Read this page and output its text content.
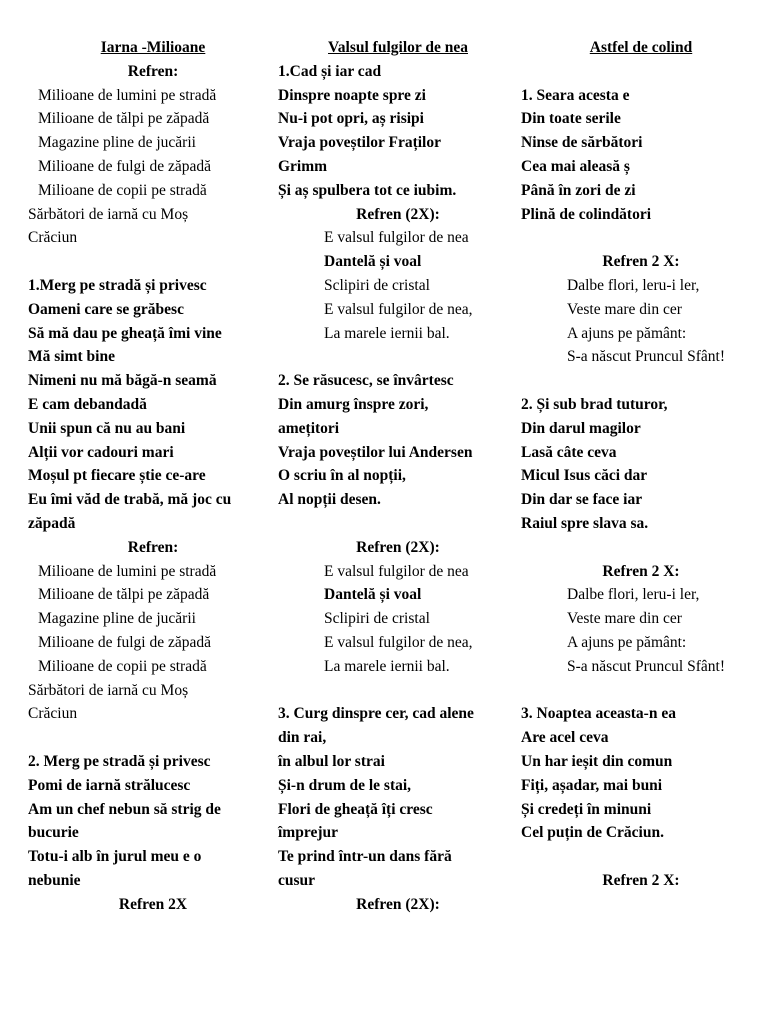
Iarna -Milioane
Refren:
Milioane de lumini pe stradă
Milioane de tălpi pe zăpadă
Magazine pline de jucării
Milioane de fulgi de zăpadă
Milioane de copii pe stradă
Sărbători de iarnă cu Moș
Crăciun
1.Merg pe stradă și privesc
Oameni care se grăbesc
Să mă dau pe gheață îmi vine
Mă simt bine
Nimeni nu mă băgă-n seamă
E cam debandadă
Unii spun că nu au bani
Alții vor cadouri mari
Moșul pt fiecare știe ce-are
Eu îmi văd de trabă, mă joc cu
zăpadă
Refren:
Milioane de lumini pe stradă
Milioane de tălpi pe zăpadă
Magazine pline de jucării
Milioane de fulgi de zăpadă
Milioane de copii pe stradă
Sărbători de iarnă cu Moș
Crăciun
2. Merg pe stradă și privesc
Pomi de iarnă strălucesc
Am un chef nebun să strig de
bucurie
Totu-i alb în jurul meu e o
nebunie
Refren 2X
Valsul fulgilor de nea
1.Cad și iar cad
Dinspre noapte spre zi
Nu-i pot opri, aș risipi
Vraja poveștilor Fraților
Grimm
Și aș spulbera tot ce iubim.
Refren (2X):
E valsul fulgilor de nea
Dantelă și voal
Sclipiri de cristal
E valsul fulgilor de nea,
La marele iernii bal.
2. Se răsucesc, se învârtesc
Din amurg înspre zori,
amețitori
Vraja poveștilor lui Andersen
O scriu în al nopții,
Al nopții desen.
Refren (2X):
E valsul fulgilor de nea
Dantelă și voal
Sclipiri de cristal
E valsul fulgilor de nea,
La marele iernii bal.
3. Curg dinspre cer, cad alene
din rai,
în albul lor strai
Și-n drum de le stai,
Flori de gheață îți cresc
împrejur
Te prind într-un dans fără
cusur
Refren (2X):
Astfel de colind
1. Seara acesta e
Din toate serile
Ninse de sărbători
Cea mai aleasă ș
Până în zori de zi
Plină de colindători
Refren 2 X:
Dalbe flori, leru-i ler,
Veste mare din cer
A ajuns pe pământ:
S-a născut Pruncul Sfânt!
2. Și sub brad tuturor,
Din darul magilor
Lasă câte ceva
Micul Isus căci dar
Din dar se face iar
Raiul spre slava sa.
Refren 2 X:
Dalbe flori, leru-i ler,
Veste mare din cer
A ajuns pe pământ:
S-a născut Pruncul Sfânt!
3. Noaptea aceasta-n ea
Are acel ceva
Un har ieșit din comun
Fiți, așadar, mai buni
Și credeți în minuni
Cel puțin de Crăciun.
Refren 2 X:
